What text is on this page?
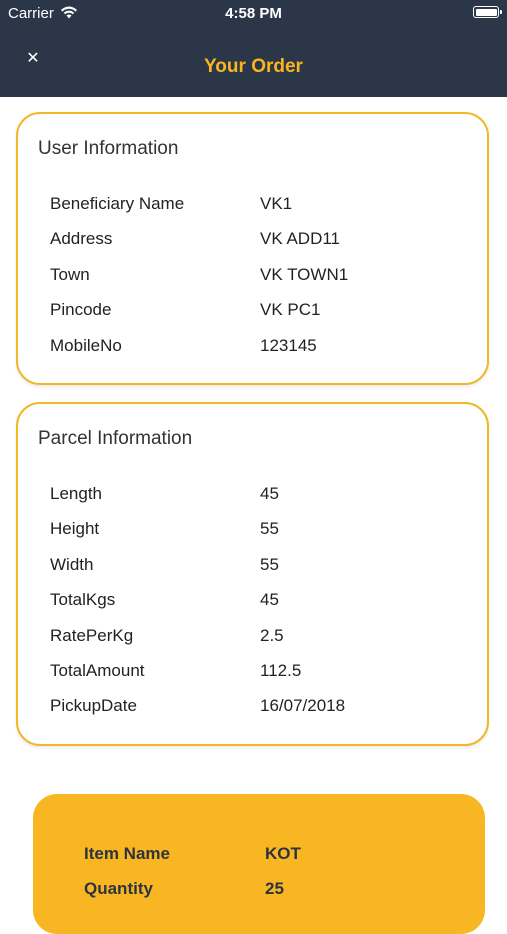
Carrier	4:58 PM
✕	Your Order
User Information
Beneficiary Name	VK1
Address	VK ADD11
Town	VK TOWN1
Pincode	VK PC1
MobileNo	123145
Parcel Information
Length	45
Height	55
Width	55
TotalKgs	45
RatePerKg	2.5
TotalAmount	112.5
PickupDate	16/07/2018
Item Name	KOT
Quantity	25
